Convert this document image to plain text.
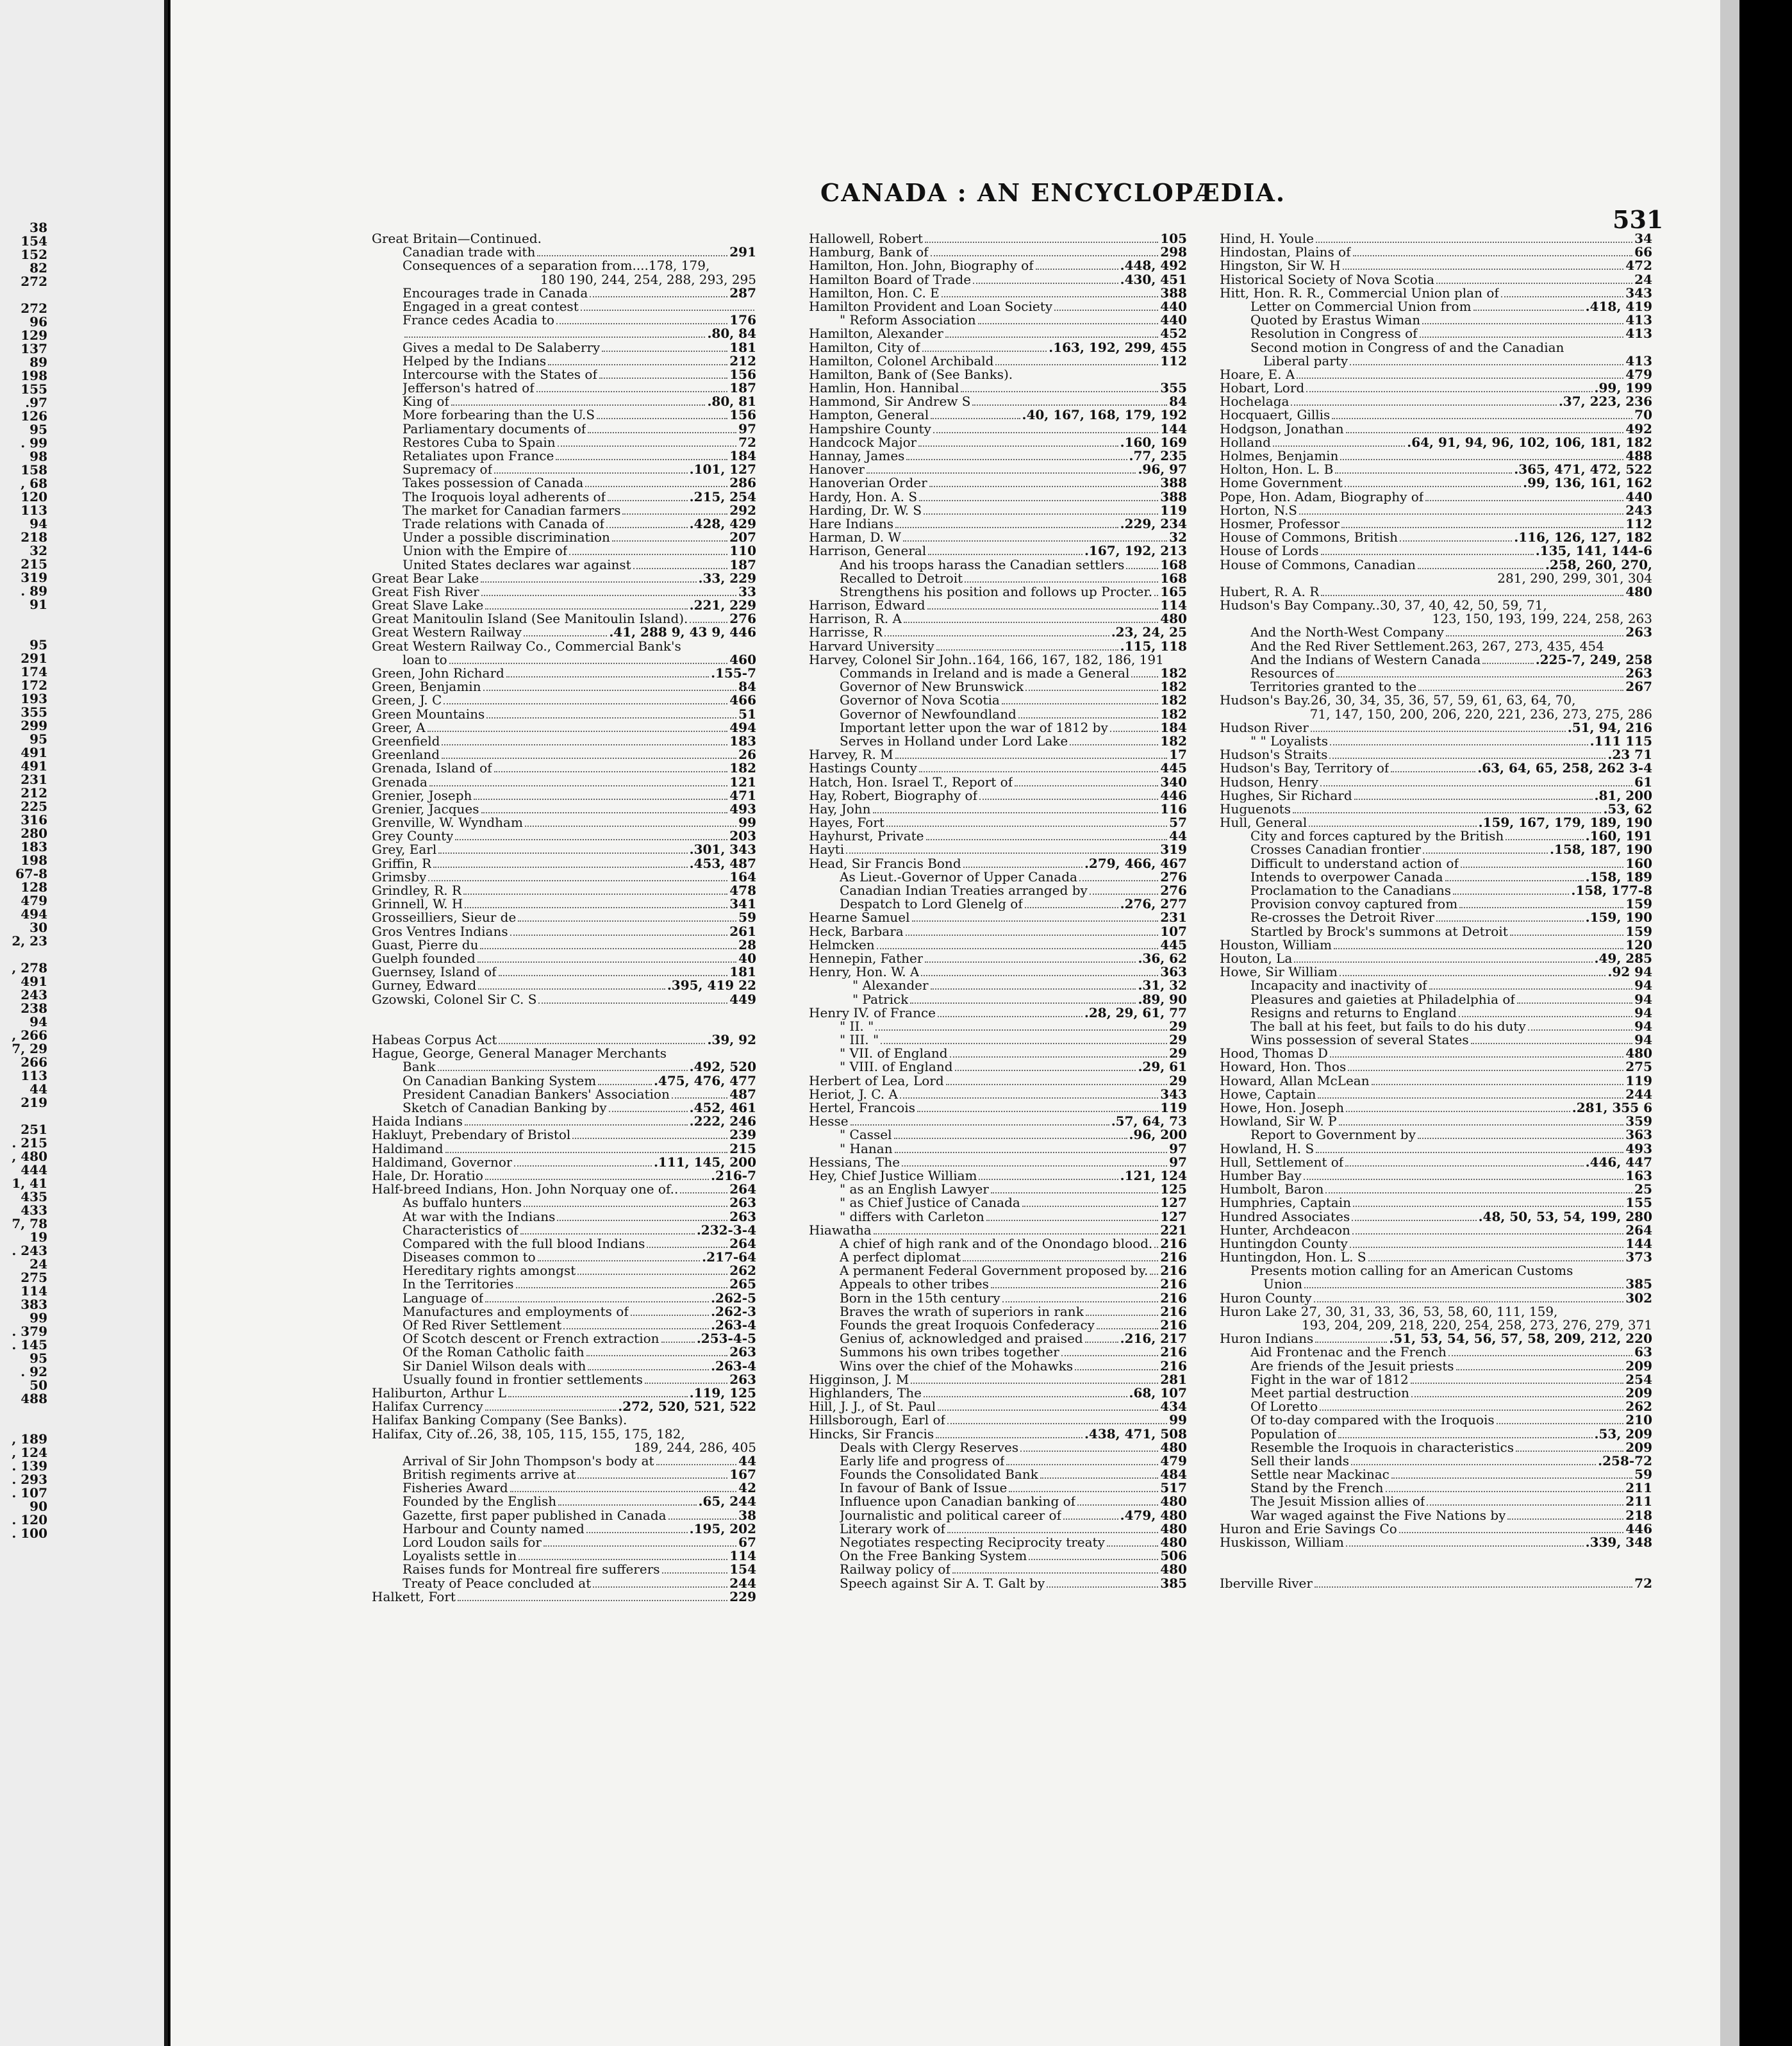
38
154
152
82
272
272
96
129
137
89
198
155
.97
126
95
. 99
98
158
, 68
120
113
94
218
32
215
319
. 89
91
95
291
174
172
193
355
299
95
491
491
231
212
225
316
280
183
198
67-8
128
479
494
30
2, 23
, 278
491
243
238
94
, 266
7, 29
266
113
44
219
251
. 215
, 480
444
1, 41
435
433
7, 78
19
. 243
24
275
114
383
99
. 379
. 145
95
. 92
50
488
, 189
, 124
. 139
. 293
. 107
90
. 120
. 100
CANADA : AN ENCYCLOPÆDIA.
531
Great Britain—Continued.
Canadian trade with	291
Consequences of a separation from....178, 179,
180 190, 244, 254, 288, 293, 295
Encourages trade in Canada	287
Engaged in a great contest
France cedes Acadia to	176
.80, 84
Gives a medal to De Salaberry	181
Helped by the Indians	212
Intercourse with the States of	156
Jefferson's hatred of	187
King of	.80, 81
More forbearing than the U.S	156
Parliamentary documents of	97
Restores Cuba to Spain	72
Retaliates upon France	184
Supremacy of	.101, 127
Takes possession of Canada	286
The Iroquois loyal adherents of	.215, 254
The market for Canadian farmers	292
Trade relations with Canada of	.428, 429
Under a possible discrimination	207
Union with the Empire of	110
United States declares war against	187
Great Bear Lake	.33, 229
Great Fish River	33
Great Slave Lake	.221, 229
Great Manitoulin Island (See Manitoulin Island).	276
Great Western Railway	.41, 288 9, 43 9, 446
Great Western Railway Co., Commercial Bank's
loan to	460
Green, John Richard	.155-7
Green, Benjamin	84
Green, J. C	466
Green Mountains	51
Greer, A	494
Greenfield	183
Greenland	26
Grenada, Island of	182
Grenada	121
Grenier, Joseph	471
Grenier, Jacques	493
Grenville, W. Wyndham	99
Grey County	203
Grey, Earl	.301, 343
Griffin, R	.453, 487
Grimsby	164
Grindley, R. R	478
Grinnell, W. H	341
Grosseilliers, Sieur de	59
Gros Ventres Indians	261
Guast, Pierre du	28
Guelph founded	40
Guernsey, Island of	181
Gurney, Edward	.395, 419 22
Gzowski, Colonel Sir C. S	449
Habeas Corpus Act	.39, 92
Hague, George, General Manager Merchants
Bank	.492, 520
On Canadian Banking System	.475, 476, 477
President Canadian Bankers' Association	487
Sketch of Canadian Banking by	.452, 461
Haida Indians	.222, 246
Hakluyt, Prebendary of Bristol	239
Haldimand	215
Haldimand, Governor	.111, 145, 200
Hale, Dr. Horatio	.216-7
Half-breed Indians, Hon. John Norquay one of..	264
As buffalo hunters	263
At war with the Indians	263
Characteristics of	.232-3-4
Compared with the full blood Indians	264
Diseases common to	.217-64
Hereditary rights amongst	262
In the Territories	265
Language of	.262-5
Manufactures and employments of	.262-3
Of Red River Settlement	.263-4
Of Scotch descent or French extraction	.253-4-5
Of the Roman Catholic faith	263
Sir Daniel Wilson deals with	.263-4
Usually found in frontier settlements	263
Haliburton, Arthur L	.119, 125
Halifax Currency	.272, 520, 521, 522
Halifax Banking Company (See Banks).
Halifax, City of..26, 38, 105, 115, 155, 175, 182,
189, 244, 286, 405
Arrival of Sir John Thompson's body at	44
British regiments arrive at	167
Fisheries Award	42
Founded by the English	.65, 244
Gazette, first paper published in Canada	38
Harbour and County named	.195, 202
Lord Loudon sails for	67
Loyalists settle in	114
Raises funds for Montreal fire sufferers	154
Treaty of Peace concluded at	244
Halkett, Fort	229
Hallowell, Robert	105
Hamburg, Bank of	298
Hamilton, Hon. John, Biography of	.448, 492
Hamilton Board of Trade	.430, 451
Hamilton, Hon. C. E	388
Hamilton Provident and Loan Society	440
" Reform Association	440
Hamilton, Alexander	452
Hamilton, City of	.163, 192, 299, 455
Hamilton, Colonel Archibald	112
Hamilton, Bank of (See Banks).
Hamlin, Hon. Hannibal	355
Hammond, Sir Andrew S	84
Hampton, General	.40, 167, 168, 179, 192
Hampshire County	144
Handcock Major	.160, 169
Hannay, James	.77, 235
Hanover	.96, 97
Hanoverian Order	388
Hardy, Hon. A. S	388
Harding, Dr. W. S	119
Hare Indians	.229, 234
Harman, D. W	32
Harrison, General	.167, 192, 213
And his troops harass the Canadian settlers	168
Recalled to Detroit	168
Strengthens his position and follows up Procter. 165
Harrison, Edward	114
Harrison, R. A	480
Harrisse, R	.23, 24, 25
Harvard University	.115, 118
Harvey, Colonel Sir John..164, 166, 167, 182, 186, 191
Commands in Ireland and is made a General 182
Governor of New Brunswick	182
Governor of Nova Scotia	182
Governor of Newfoundland	182
Important letter upon the war of 1812 by	184
Serves in Holland under Lord Lake	182
Harvey, R. M	17
Hastings County	445
Hatch, Hon. Israel T., Report of	340
Hay, Robert, Biography of	446
Hay, John	116
Hayes, Fort	57
Hayhurst, Private	44
Hayti	319
Head, Sir Francis Bond	.279, 466, 467
As Lieut.-Governor of Upper Canada	276
Canadian Indian Treaties arranged by	276
Despatch to Lord Glenelg of	.276, 277
Hearne Samuel	231
Heck, Barbara	107
Helmcken	445
Hennepin, Father	.36, 62
Henry, Hon. W. A	363
" Alexander	.31, 32
" Patrick	.89, 90
Henry IV. of France	.28, 29, 61, 77
" II. "	29
" III. "	29
" VII. of England	29
" VIII. of England	.29, 61
Herbert of Lea, Lord	29
Heriot, J. C. A	343
Hertel, Francois	119
Hesse	.57, 64, 73
" Cassel	.96, 200
" Hanan	97
Hessians, The	97
Hey, Chief Justice William	.121, 124
" as an English Lawyer	125
" as Chief Justice of Canada	127
" differs with Carleton	127
Hiawatha	221
A chief of high rank and of the Onondago blood. 216
A perfect diplomat	216
A permanent Federal Government proposed by. 216
Appeals to other tribes	216
Born in the 15th century	216
Braves the wrath of superiors in rank	216
Founds the great Iroquois Confederacy	216
Genius of, acknowledged and praised	.216, 217
Summons his own tribes together	216
Wins over the chief of the Mohawks	216
Higginson, J. M	281
Highlanders, The	.68, 107
Hill, J. J., of St. Paul	434
Hillsborough, Earl of	99
Hincks, Sir Francis	.438, 471, 508
Deals with Clergy Reserves	480
Early life and progress of	479
Founds the Consolidated Bank	484
In favour of Bank of Issue	517
Influence upon Canadian banking of	480
Journalistic and political career of	.479, 480
Literary work of	480
Negotiates respecting Reciprocity treaty	480
On the Free Banking System	506
Railway policy of	480
Speech against Sir A. T. Galt by	385
Hind, H. Youle	34
Hindostan, Plains of	66
Hingston, Sir W. H	472
Historical Society of Nova Scotia	24
Hitt, Hon. R. R., Commercial Union plan of	343
Letter on Commercial Union from	.418, 419
Quoted by Erastus Wiman	413
Resolution in Congress of	413
Second motion in Congress of and the Canadian
Liberal party	413
Hoare, E. A	479
Hobart, Lord	.99, 199
Hochelaga	.37, 223, 236
Hocquaert, Gillis	70
Hodgson, Jonathan	492
Holland	.64, 91, 94, 96, 102, 106, 181, 182
Holmes, Benjamin	488
Holton, Hon. L. B	.365, 471, 472, 522
Home Government	.99, 136, 161, 162
Pope, Hon. Adam, Biography of	440
Horton, N.S	243
Hosmer, Professor	112
House of Commons, British	.116, 126, 127, 182
House of Lords	.135, 141, 144-6
House of Commons, Canadian	.258, 260, 270,
281, 290, 299, 301, 304
Hubert, R. A. R	480
Hudson's Bay Company..30, 37, 40, 42, 50, 59, 71,
123, 150, 193, 199, 224, 258, 263
And the North-West Company	263
And the Red River Settlement.263, 267, 273, 435, 454
And the Indians of Western Canada	.225-7, 249, 258
Resources of	263
Territories granted to the	267
Hudson's Bay.26, 30, 34, 35, 36, 57, 59, 61, 63, 64, 70,
71, 147, 150, 200, 206, 220, 221, 236, 273, 275, 286
Hudson River	.51, 94, 216
" " Loyalists	.111 115
Hudson's Straits	.23 71
Hudson's Bay, Territory of	.63, 64, 65, 258, 262 3-4
Hudson, Henry	61
Hughes, Sir Richard	.81, 200
Huguenots	.53, 62
Hull, General	.159, 167, 179, 189, 190
City and forces captured by the British	.160, 191
Crosses Canadian frontier	.158, 187, 190
Difficult to understand action of	160
Intends to overpower Canada	.158, 189
Proclamation to the Canadians	.158, 177-8
Provision convoy captured from	159
Re-crosses the Detroit River	.159, 190
Startled by Brock's summons at Detroit	159
Houston, William	120
Houton, La	.49, 285
Howe, Sir William	.92 94
Incapacity and inactivity of	94
Pleasures and gaieties at Philadelphia of	94
Resigns and returns to England	94
The ball at his feet, but fails to do his duty	94
Wins possession of several States	94
Hood, Thomas D	480
Howard, Hon. Thos	275
Howard, Allan McLean	119
Howe, Captain	244
Howe, Hon. Joseph	.281, 355 6
Howland, Sir W. P	359
Report to Government by	363
Howland, H. S	493
Hull, Settlement of	.446, 447
Humber Bay	163
Humbolt, Baron	25
Humphries, Captain	155
Hundred Associates	.48, 50, 53, 54, 199, 280
Hunter, Archdeacon	264
Huntingdon County	144
Huntingdon, Hon. L. S	373
Presents motion calling for an American Customs
Union	385
Huron County	302
Huron Lake 27, 30, 31, 33, 36, 53, 58, 60, 111, 159,
193, 204, 209, 218, 220, 254, 258, 273, 276, 279, 371
Huron Indians	.51, 53, 54, 56, 57, 58, 209, 212, 220
Aid Frontenac and the French	63
Are friends of the Jesuit priests	209
Fight in the war of 1812	254
Meet partial destruction	209
Of Loretto	262
Of to-day compared with the Iroquois	210
Population of	.53, 209
Resemble the Iroquois in characteristics	209
Sell their lands	.258-72
Settle near Mackinac	59
Stand by the French	211
The Jesuit Mission allies of	211
War waged against the Five Nations by	218
Huron and Erie Savings Co	446
Huskisson, William	.339, 348
Iberville River	72
